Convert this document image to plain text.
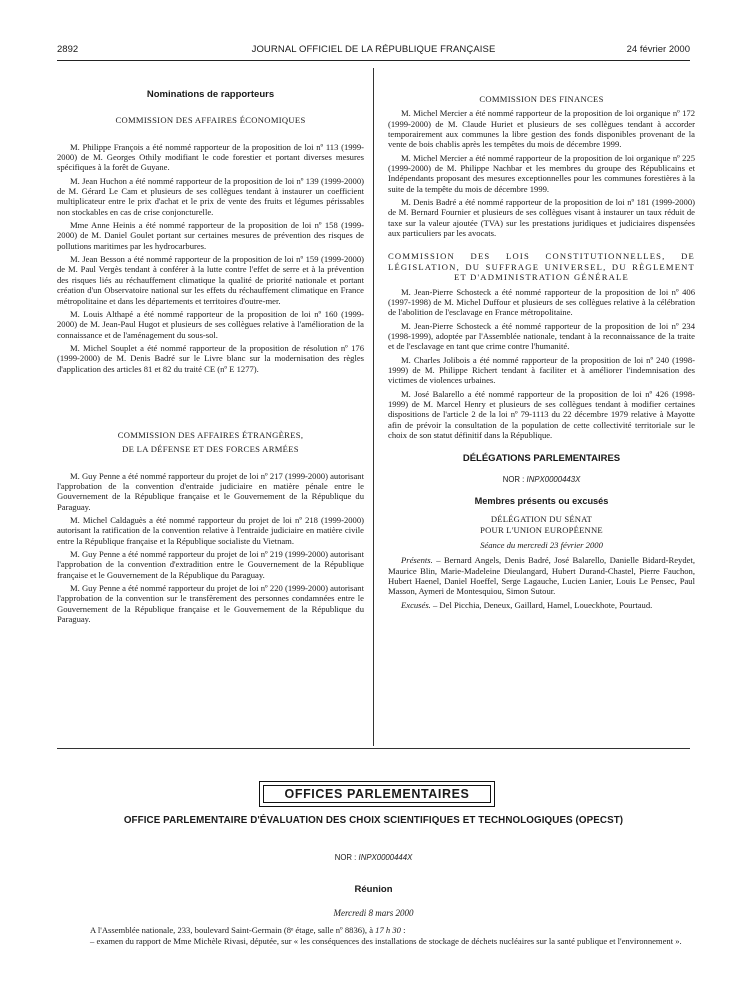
2892	JOURNAL OFFICIEL DE LA RÉPUBLIQUE FRANÇAISE	24 février 2000
Nominations de rapporteurs
COMMISSION DES AFFAIRES ÉCONOMIQUES

M. Philippe François a été nommé rapporteur de la proposition de loi nº 113 (1999-2000) de M. Georges Othily modifiant le code forestier et portant diverses mesures spécifiques à la forêt de Guyane.

M. Jean Huchon a été nommé rapporteur de la proposition de loi nº 139 (1999-2000) de M. Gérard Le Cam et plusieurs de ses collègues tendant à instaurer un coefficient multiplicateur entre le prix d'achat et le prix de vente des fruits et légumes périssables non stockables en cas de crise conjoncturelle.

Mme Anne Heinis a été nommé rapporteur de la proposition de loi nº 158 (1999-2000) de M. Daniel Goulet portant sur certaines mesures de prévention des risques de pollutions maritimes par les hydrocarbures.

M. Jean Besson a été nommé rapporteur de la proposition de loi nº 159 (1999-2000) de M. Paul Vergès tendant à conférer à la lutte contre l'effet de serre et à la prévention des risques liés au réchauffement climatique la qualité de priorité nationale et portant création d'un Observatoire national sur les effets du réchauffement climatique en France métropolitaine et dans les départements et territoires d'outre-mer.

M. Louis Althapé a été nommé rapporteur de la proposition de loi nº 160 (1999-2000) de M. Jean-Paul Hugot et plusieurs de ses collègues relative à l'amélioration de la connaissance et de l'aménagement du sous-sol.

M. Michel Souplet a été nommé rapporteur de la proposition de résolution nº 176 (1999-2000) de M. Denis Badré sur le Livre blanc sur la modernisation des règles d'application des articles 81 et 82 du traité CE (nº E 1277).

COMMISSION DES AFFAIRES ÉTRANGÈRES,
DE LA DÉFENSE ET DES FORCES ARMÉES

M. Guy Penne a été nommé rapporteur du projet de loi nº 217 (1999-2000) autorisant l'approbation de la convention d'entraide judiciaire en matière pénale entre le Gouvernement de la République française et le Gouvernement de la République du Paraguay.

M. Michel Caldaguès a été nommé rapporteur du projet de loi nº 218 (1999-2000) autorisant la ratification de la convention relative à l'entraide judiciaire en matière civile entre la République française et la République socialiste du Vietnam.

M. Guy Penne a été nommé rapporteur du projet de loi nº 219 (1999-2000) autorisant l'approbation de la convention d'extradition entre le Gouvernement de la République française et le Gouvernement de la République du Paraguay.

M. Guy Penne a été nommé rapporteur du projet de loi nº 220 (1999-2000) autorisant l'approbation de la convention sur le transfèrement des personnes condamnées entre le Gouvernement de la République française et le Gouvernement de la République du Paraguay.

COMMISSION DES FINANCES

M. Michel Mercier a été nommé rapporteur de la proposition de loi organique nº 172 (1999-2000) de M. Claude Huriet et plusieurs de ses collègues tendant à accorder temporairement aux communes la libre gestion des fonds disponibles provenant de la vente de bois chablis après les tempêtes du mois de décembre 1999.

M. Michel Mercier a été nommé rapporteur de la proposition de loi organique nº 225 (1999-2000) de M. Philippe Nachbar et les membres du groupe des Républicains et Indépendants proposant des mesures exceptionnelles pour les communes forestières à la suite de la tempête du mois de décembre 1999.

M. Denis Badré a été nommé rapporteur de la proposition de loi nº 181 (1999-2000) de M. Bernard Fournier et plusieurs de ses collègues visant à instaurer un taux réduit de taxe sur la valeur ajoutée (TVA) sur les prestations juridiques et judiciaires dispensées aux particuliers par les avocats.

COMMISSION DES LOIS CONSTITUTIONNELLES, DE LÉGISLATION, DU SUFFRAGE UNIVERSEL, DU RÈGLEMENT ET D'ADMINISTRATION GÉNÉRALE

M. Jean-Pierre Schosteck a été nommé rapporteur de la proposition de loi nº 406 (1997-1998) de M. Michel Duffour et plusieurs de ses collègues relative à la célébration de l'abolition de l'esclavage en France métropolitaine.

M. Jean-Pierre Schosteck a été nommé rapporteur de la proposition de loi nº 234 (1998-1999), adoptée par l'Assemblée nationale, tendant à la reconnaissance de la traite et de l'esclavage en tant que crime contre l'humanité.

M. Charles Jolibois a été nommé rapporteur de la proposition de loi nº 240 (1998-1999) de M. Philippe Richert tendant à faciliter et à améliorer l'indemnisation des victimes de violences urbaines.

M. José Balarello a été nommé rapporteur de la proposition de loi nº 426 (1998-1999) de M. Marcel Henry et plusieurs de ses collègues tendant à modifier certaines dispositions de l'article 2 de la loi nº 79-1113 du 22 décembre 1979 relative à Mayotte afin de prévoir la consultation de la population de cette collectivité territoriale sur le choix de son statut définitif dans la République.

DÉLÉGATIONS PARLEMENTAIRES
NOR : INPX0000443X
Membres présents ou excusés
DÉLÉGATION DU SÉNAT
POUR L'UNION EUROPÉENNE
Séance du mercredi 23 février 2000

Présents. – Bernard Angels, Denis Badré, José Balarello, Danielle Bidard-Reydet, Maurice Blin, Marie-Madeleine Dieulangard, Hubert Durand-Chastel, Pierre Fauchon, Hubert Haenel, Daniel Hoeffel, Serge Lagauche, Lucien Lanier, Louis Le Pensec, Paul Masson, Aymeri de Montesquiou, Simon Sutour.

Excusés. – Del Picchia, Deneux, Gaillard, Hamel, Loueckhote, Pourtaud.

OFFICES PARLEMENTAIRES
OFFICE PARLEMENTAIRE D'ÉVALUATION DES CHOIX SCIENTIFIQUES ET TECHNOLOGIQUES (OPECST)
NOR : INPX0000444X
Réunion
Mercredi 8 mars 2000
A l'Assemblée nationale, 233, boulevard Saint-Germain (8ᵉ étage, salle nº 8836), à 17 h 30 :
– examen du rapport de Mme Michèle Rivasi, députée, sur « les conséquences des installations de stockage de déchets nucléaires sur la santé publique et l'environnement ».
